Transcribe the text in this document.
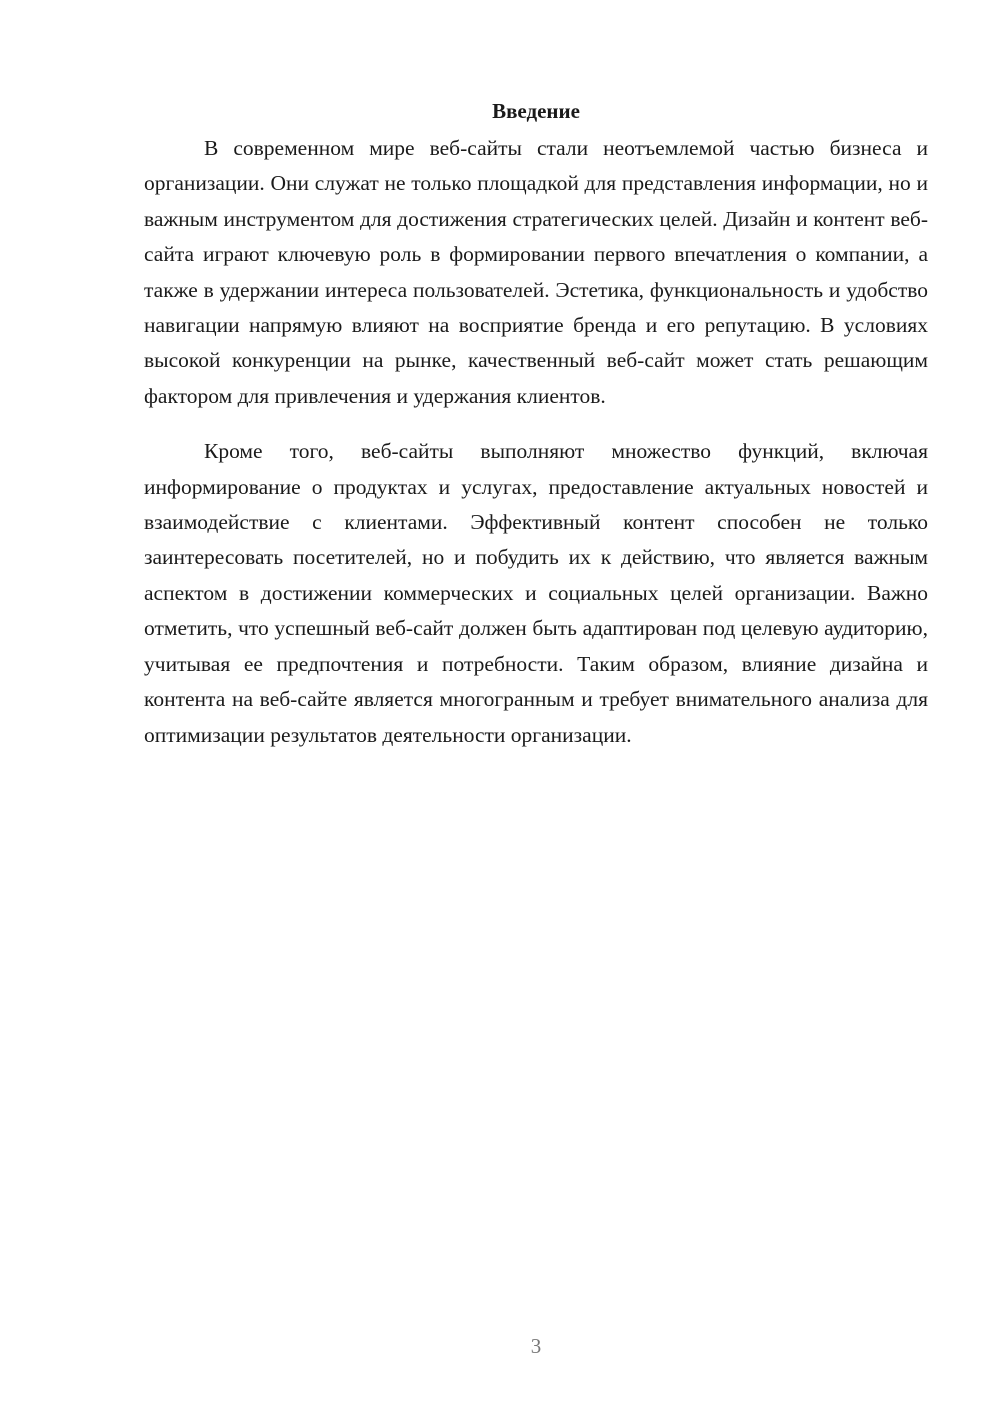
Введение

В современном мире веб-сайты стали неотъемлемой частью бизнеса и организации. Они служат не только площадкой для представления информации, но и важным инструментом для достижения стратегических целей. Дизайн и контент веб-сайта играют ключевую роль в формировании первого впечатления о компании, а также в удержании интереса пользователей. Эстетика, функциональность и удобство навигации напрямую влияют на восприятие бренда и его репутацию. В условиях высокой конкуренции на рынке, качественный веб-сайт может стать решающим фактором для привлечения и удержания клиентов.

Кроме того, веб-сайты выполняют множество функций, включая информирование о продуктах и услугах, предоставление актуальных новостей и взаимодействие с клиентами. Эффективный контент способен не только заинтересовать посетителей, но и побудить их к действию, что является важным аспектом в достижении коммерческих и социальных целей организации. Важно отметить, что успешный веб-сайт должен быть адаптирован под целевую аудиторию, учитывая ее предпочтения и потребности. Таким образом, влияние дизайна и контента на веб-сайте является многогранным и требует внимательного анализа для оптимизации результатов деятельности организации.

3
